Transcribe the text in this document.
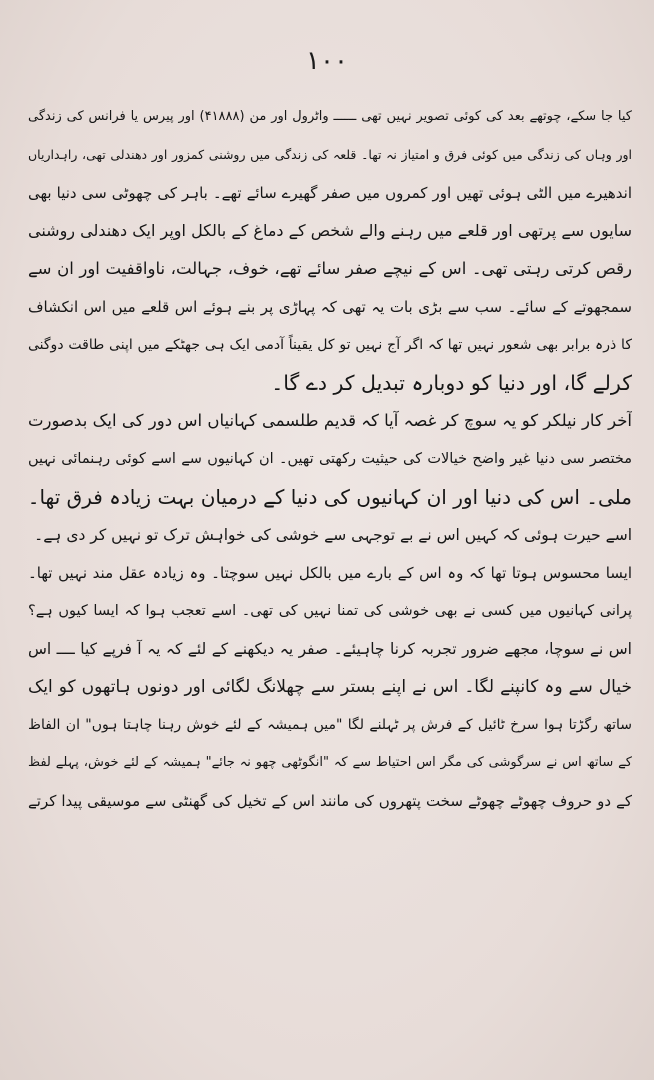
۱۰۰
کیا جا سکے، چوتھے بعد کی کوئی تصویر نہیں تھی ــــــ واٹرول اور من (۴۱۸۸۸) اور پیرس یا فرانس کی زندگی
اور وہاں کی زندگی میں کوئی فرق و امتیاز نہ تھا۔ قلعہ کی زندگی میں روشنی کمزور اور دھندلی تھی، راہداریاں
اندھیرے میں الٹی ہوئی تھیں اور کمروں میں صفر گھیرے سائے تھے۔ باہر کی چھوٹی سی دنیا بھی
سایوں سے پرتھی اور قلعے میں رہنے والے شخص کے دماغ کے بالکل اوپر ایک دھندلی روشنی
رقص کرتی رہتی تھی۔ اس کے نیچے صفر سائے تھے، خوف، جہالت، ناواقفیت اور ان سے
سمجھوتے کے سائے۔ سب سے بڑی بات یہ تھی کہ پہاڑی پر بنے ہوئے اس قلعے میں اس انکشاف
کا ذرہ برابر بھی شعور نہیں تھا کہ اگر آج نہیں تو کل یقیناً آدمی ایک ہی جھٹکے میں اپنی طاقت دوگنی
کرلے گا، اور دنیا کو دوبارہ تبدیل کر دے گا۔
آخر کار نیلکر کو یہ سوچ کر غصہ آیا کہ قدیم طلسمی کہانیاں اس دور کی ایک بدصورت
مختصر سی دنیا غیر واضح خیالات کی حیثیت رکھتی تھیں۔ ان کہانیوں سے اسے کوئی رہنمائی نہیں
ملی۔ اس کی دنیا اور ان کہانیوں کی دنیا کے درمیان بہت زیادہ فرق تھا۔
اسے حیرت ہوئی کہ کہیں اس نے بے توجہی سے خوشی کی خواہش ترک تو نہیں کر دی ہے۔
ایسا محسوس ہوتا تھا کہ وہ اس کے بارے میں بالکل نہیں سوچتا۔ وہ زیادہ عقل مند نہیں تھا۔
پرانی کہانیوں میں کسی نے بھی خوشی کی تمنا نہیں کی تھی۔ اسے تعجب ہوا کہ ایسا کیوں ہے؟
اس نے سوچا، مجھے ضرور تجربہ کرنا چاہیئے۔ صفر یہ دیکھنے کے لئے کہ یہ آ فرپے کیا ــــ اس
خیال سے وہ کانپنے لگا۔ اس نے اپنے بستر سے چھلانگ لگائی اور دونوں ہاتھوں کو ایک
ساتھ رگڑتا ہوا سرخ ٹائیل کے فرش پر ٹہلنے لگا "میں ہمیشہ کے لئے خوش رہنا چاہتا ہوں" ان الفاظ
کے ساتھ اس نے سرگوشی کی مگر اس احتیاط سے کہ "انگوٹھی چھو نہ جائے" ہمیشہ کے لئے خوش، پہلے لفظ
کے دو حروف چھوٹے چھوٹے سخت پتھروں کی مانند اس کے تخیل کی گھنٹی سے موسیقی پیدا کرتے
